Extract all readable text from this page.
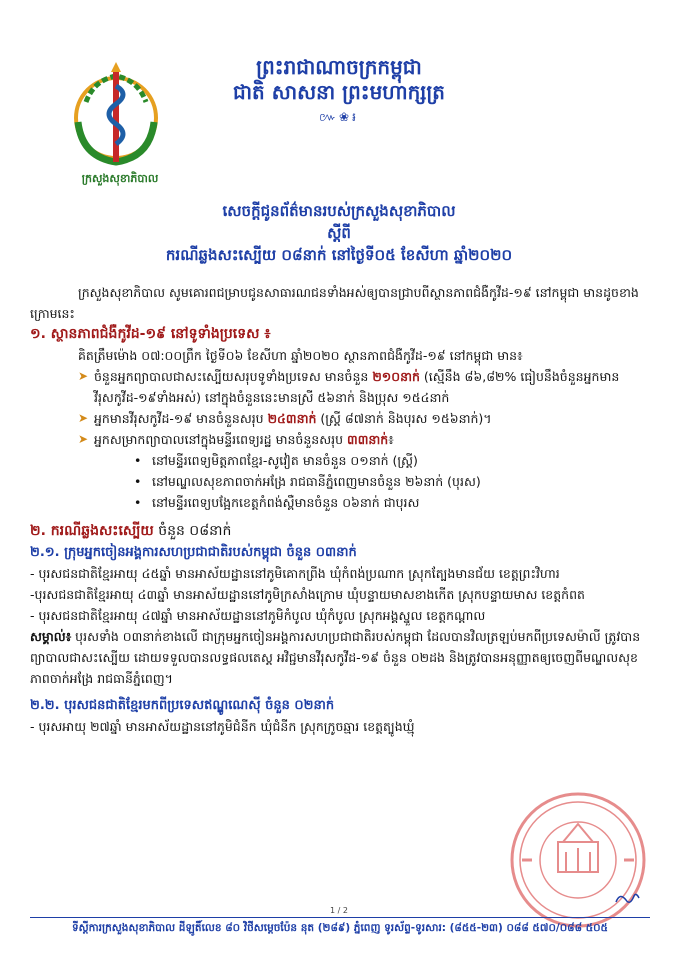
ព្រះរាជាណាចក្រកម្ពុជា
ជាតិ សាសនា ព្រះមហាក្សត្រ
៚❀៛
ក្រសួងសុខាភិបាល
សេចក្តីជូនព័ត៌មានរបស់ក្រសួងសុខាភិបាល
ស្តីពី
ករណីឆ្លងសះស្បើយ ០៨នាក់ នៅថ្ងៃទី០៥ ខែសីហា ឆ្នាំ២០២០

ក្រសួងសុខាភិបាល សូមគោរពជម្រាបជូនសាធារណជនទាំងអស់ឲ្យបានជ្រាបពីស្ថានភាពជំងឺកូវីដ-១៩ នៅកម្ពុជា មានដូចខាងក្រោមនេះ

១. ស្ថានភាពជំងឺកូវីដ-១៩ នៅទូទាំងប្រទេស ៖

គិតត្រឹមម៉ោង ០៧:០០ព្រឹក ថ្ងៃទី០៦ ខែសីហា ឆ្នាំ២០២០ ស្ថានភាពជំងឺកូវីដ-១៩ នៅកម្ពុជា មាន៖

➤ ចំនួនអ្នកព្យាបាលជាសះស្បើយសរុបទូទាំងប្រទេស មានចំនួន ២១០នាក់ (ស្មើនឹង ៨៦,៨២% ធៀបនឹងចំនួនអ្នកមានវីរុសកូវីដ-១៩ទាំងអស់) នៅក្នុងចំនួននេះមានស្រី ៥៦នាក់ និងប្រុស ១៥៤នាក់
➤ អ្នកមានវីរុសកូវីដ-១៩ មានចំនួនសរុប ២៤៣នាក់ (ស្ត្រី ៨៧នាក់ និងបុរស ១៥៦នាក់)។
➤ អ្នកសម្រាកព្យាបាលនៅក្នុងមន្ទីរពេទ្យរដ្ឋ មានចំនួនសរុប ៣៣នាក់៖
• នៅមន្ទីរពេទ្យមិត្តភាពខ្មែរ-សូវៀត មានចំនួន ០១នាក់ (ស្ត្រី)
• នៅមណ្ឌលសុខភាពចាក់អង្រែ រាជធានីភ្នំពេញមានចំនួន ២៦នាក់ (បុរស)
• នៅមន្ទីរពេទ្យបង្អែកខេត្តកំពង់ស្ពឺមានចំនួន ០៦នាក់ ជាបុរស

២. ករណីឆ្លងសះស្បើយ ចំនួន ០៨នាក់

២.១. ក្រុមអ្នកចៀនអង្គការសហប្រជាជាតិរបស់កម្ពុជា ចំនួន ០៣នាក់

- បុរសជនជាតិខ្មែរអាយុ ៤៥ឆ្នាំ មានអាស័យដ្ឋាននៅភូមិគោកព្រីង ឃុំកំពង់ប្រណាក ស្រុកត្បែងមានជ័យ ខេត្តព្រះវិហារ

-បុរសជនជាតិខ្មែរអាយុ ៤៣ឆ្នាំ មានអាស័យដ្ឋាននៅភូមិក្រសាំងក្រោម ឃុំបន្ទាយមាសខាងកើត ស្រុកបន្ទាយមាស ខេត្តកំពត

- បុរសជនជាតិខ្មែរអាយុ ៤៧ឆ្នាំ មានអាស័យដ្ឋាននៅភូមិកំបូល ឃុំកំបូល ស្រុកអង្គស្នួល ខេត្តកណ្តាល

សម្គាល់៖ បុរសទាំង ០៣នាក់ខាងលើ ជាក្រុមអ្នកចៀនអង្គការសហប្រជាជាតិរបស់កម្ពុជា ដែលបានវិលត្រឡប់មកពីប្រទេសម៉ាលី ត្រូវបានព្យាបាលជាសះស្បើយ ដោយទទួលបានលទ្ធផលតេស្ត អវិជ្ជមានវីរុសកូវីដ-១៩ ចំនួន ០២ដង និងត្រូវបានអនុញ្ញាតឲ្យចេញពីមណ្ឌលសុខភាពចាក់អង្រែ រាជធានីភ្នំពេញ។

២.២. បុរសជនជាតិខ្មែរមកពីប្រទេសឥណ្ឌូណេស៊ី ចំនួន ០២នាក់

- បុរសអាយុ ២៧ឆ្នាំ មានអាស័យដ្ឋាននៅភូមិជំនីក ឃុំជំនីក ស្រុកក្រូចឆ្មារ ខេត្តត្បូងឃ្មុំ

1 / 2
ទីស្តីការក្រសួងសុខាភិបាល ដីឡូតិ៍លេខ ៨០ វិថីសម្តេចប៉ែន នុត (២៨៩) ភ្នំពេញ ទូរស័ព្ទ-ទូរសារ: (៨៥៥-២៣) ០៨៨ ៥៧០/០៨៨ ៥០៥
